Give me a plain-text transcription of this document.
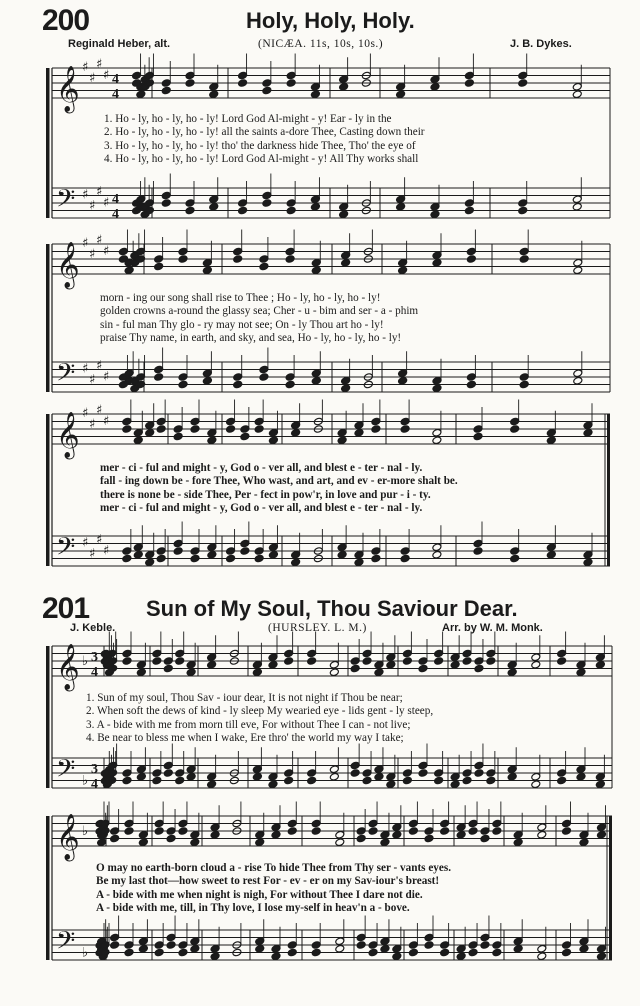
200	Holy, Holy, Holy.
Reginald Heber, alt.	(NICÆA. 11s, 10s, 10s.)	J. B. Dykes.
201	Sun of My Soul, Thou Saviour Dear.
J. Keble.	(HURSLEY. L. M.)	Arr. by W. M. Monk.
𝄞
𝄢
♯
♯
♯
♯
♯
♯
♯
♯
4
4
4
4
𝄞
𝄢
♯
♯
♯
♯
♯
♯
♯
♯
𝄞
𝄢
♯
♯
♯
♯
♯
♯
♯
♯
𝄞
𝄢
♭
♭
3
4
3
4
𝄞
𝄢
♭
♭
1. Ho - ly, ho - ly, ho - ly! Lord God Al-might - y! Ear - ly in the
2. Ho - ly, ho - ly, ho - ly! all the saints a-dore Thee, Casting down their
3. Ho - ly, ho - ly, ho - ly! tho' the darkness hide Thee, Tho' the eye of
4. Ho - ly, ho - ly, ho - ly! Lord God Al-might - y! All Thy works shall
morn - ing our song shall rise to Thee ; Ho - ly, ho - ly, ho - ly!
golden crowns a-round the glassy sea; Cher - u - bim and ser - a - phim
sin - ful man Thy glo - ry may not see; On - ly Thou art ho - ly!
praise Thy name, in earth, and sky, and sea, Ho - ly, ho - ly, ho - ly!
mer - ci - ful and might - y, God o - ver all, and blest e - ter - nal - ly.
fall - ing down be - fore Thee, Who wast, and art, and ev - er-more shalt be.
there is none be - side Thee, Per - fect in pow'r, in love and pur - i - ty.
mer - ci - ful and might - y, God o - ver all, and blest e - ter - nal - ly.
1. Sun of my soul, Thou Sav - iour dear, It is not night if Thou be near;
2. When soft the dews of kind - ly sleep My wearied eye - lids gent - ly steep,
3. A - bide with me from morn till eve, For without Thee I can - not live;
4. Be near to bless me when I wake, Ere thro' the world my way I take;
O may no earth-born cloud a - rise To hide Thee from Thy ser - vants eyes.
Be my last thot—how sweet to rest For - ev - er on my Sav-iour's breast!
A - bide with me when night is nigh, For without Thee I dare not die.
A - bide with me, till, in Thy love, I lose my-self in heav'n a - bove.
